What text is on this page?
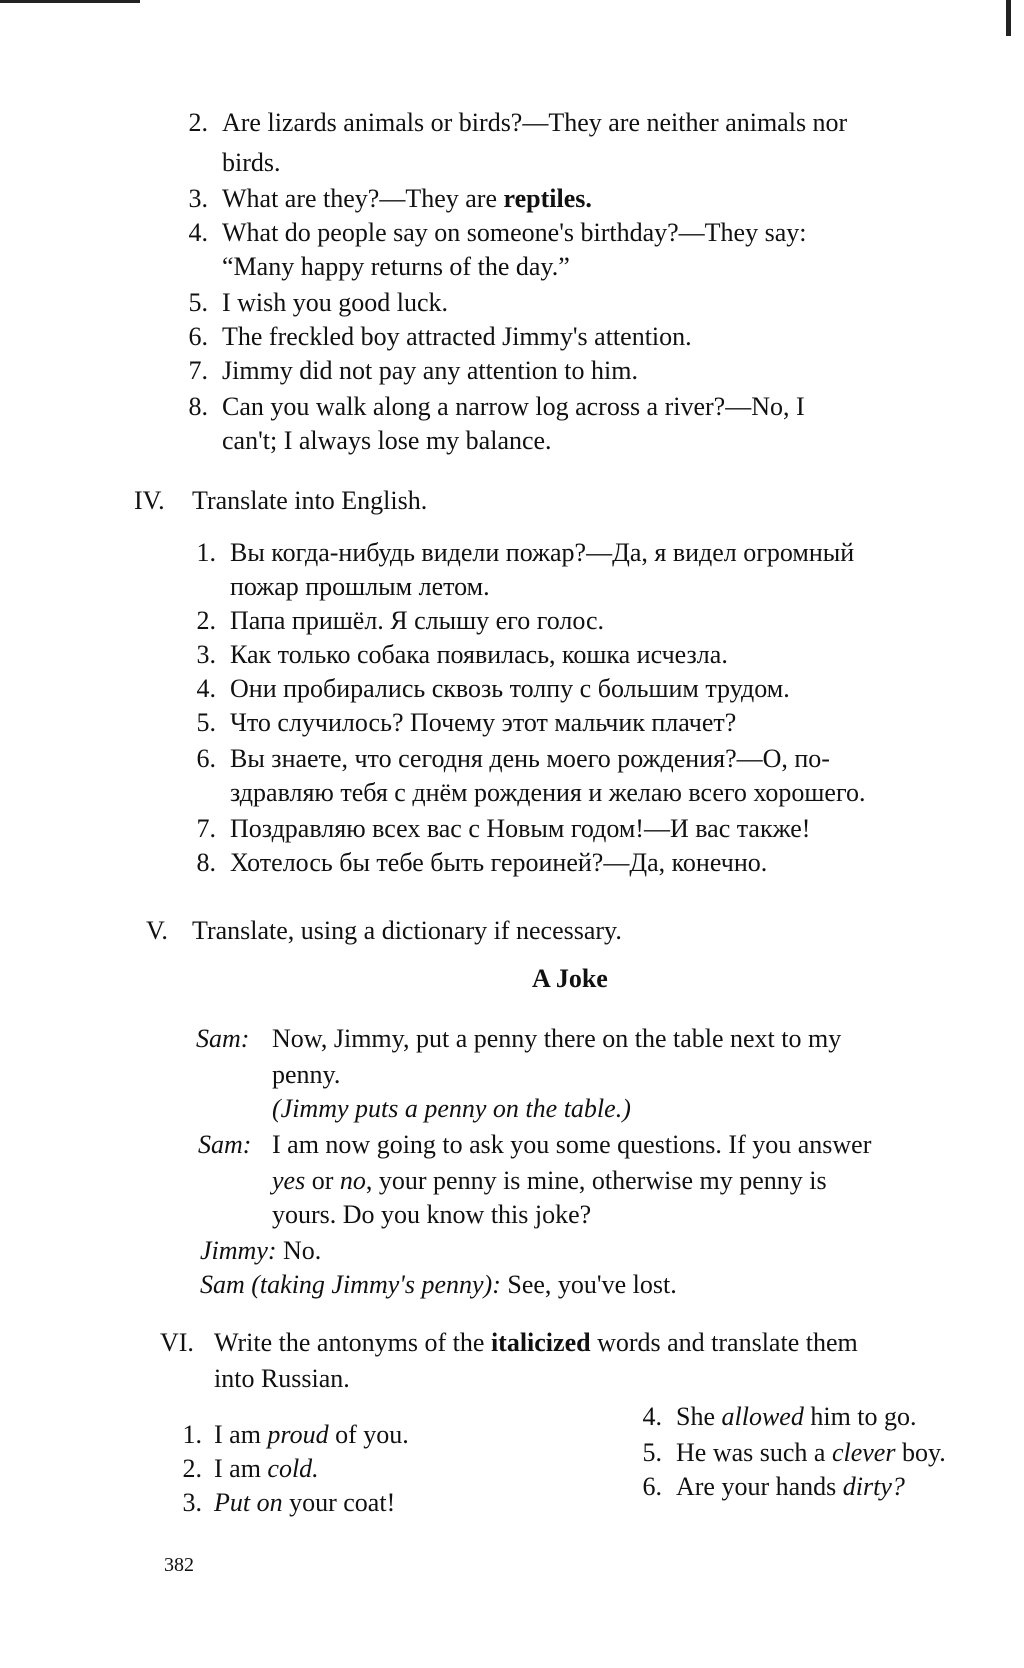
2. Are lizards animals or birds?—They are neither animals nor
birds.
3. What are they?—They are reptiles.
4. What do people say on someone's birthday?—They say:
“Many happy returns of the day.”
5. I wish you good luck.
6. The freckled boy attracted Jimmy's attention.
7. Jimmy did not pay any attention to him.
8. Can you walk along a narrow log across a river?—No, I
can't; I always lose my balance.
IV. Translate into English.
1. Вы когда-нибудь видели пожар?—Да, я видел огромный
пожар прошлым летом.
2. Папа пришёл. Я слышу его голос.
3. Как только собака появилась, кошка исчезла.
4. Они пробирались сквозь толпу с большим трудом.
5. Что случилось? Почему этот мальчик плачет?
6. Вы знаете, что сегодня день моего рождения?—О, по-
здравляю тебя с днём рождения и желаю всего хорошего.
7. Поздравляю всех вас с Новым годом!—И вас также!
8. Хотелось бы тебе быть героиней?—Да, конечно.
V. Translate, using a dictionary if necessary.
A Joke
Sam: Now, Jimmy, put a penny there on the table next to my
penny.
(Jimmy puts a penny on the table.)
Sam: I am now going to ask you some questions. If you answer
yes or no, your penny is mine, otherwise my penny is
yours. Do you know this joke?
Jimmy: No.
Sam (taking Jimmy's penny): See, you've lost.
VI. Write the antonyms of the italicized words and translate them
into Russian.
1. I am proud of you.
2. I am cold.
3. Put on your coat!
4. She allowed him to go.
5. He was such a clever boy.
6. Are your hands dirty?
382
